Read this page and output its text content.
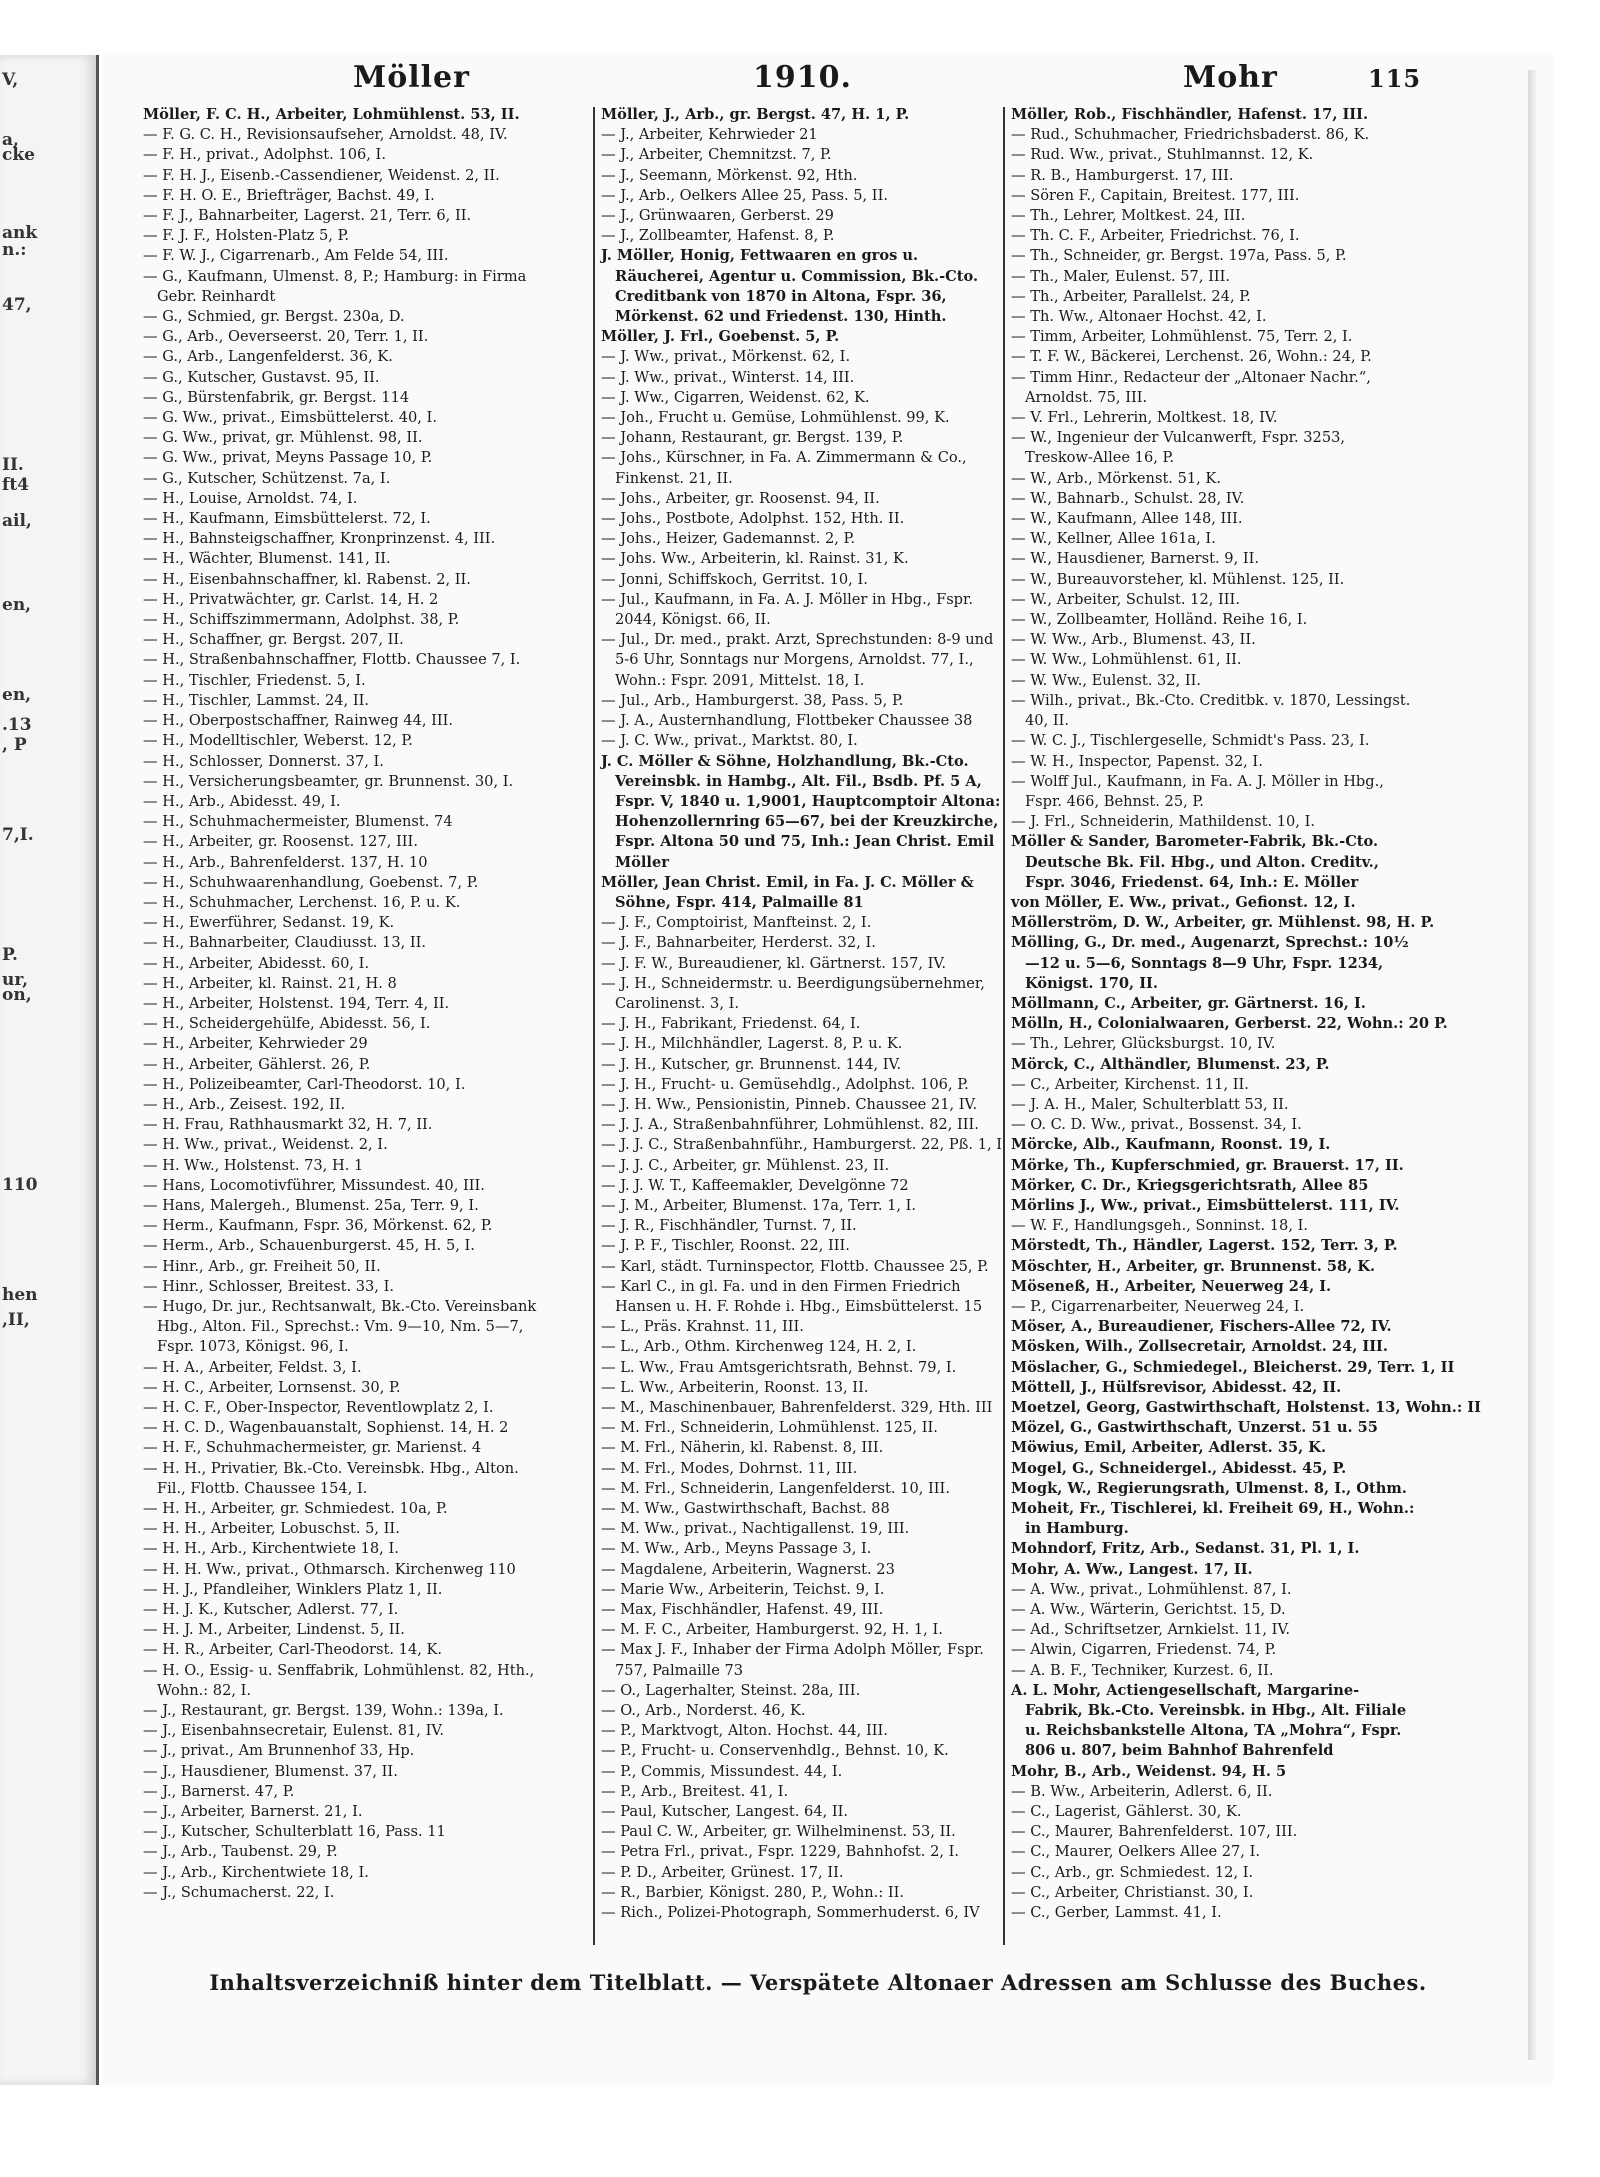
V,
a,
cke
ank
n.:
47,
II.
ft4
ail,
en,
en,
.13
, P
7,I.
P.
ur,
on,
110
hen
,II,
Möller	1910.	Mohr	115
Möller, F. C. H., Arbeiter, Lohmühlenst. 53, II.
— F. G. C. H., Revisionsaufseher, Arnoldst. 48, IV.
— F. H., privat., Adolphst. 106, I.
— F. H. J., Eisenb.-Cassendiener, Weidenst. 2, II.
— F. H. O. E., Briefträger, Bachst. 49, I.
— F. J., Bahnarbeiter, Lagerst. 21, Terr. 6, II.
— F. J. F., Holsten-Platz 5, P.
— F. W. J., Cigarrenarb., Am Felde 54, III.
— G., Kaufmann, Ulmenst. 8, P.; Hamburg: in Firma Gebr. Reinhardt
— G., Schmied, gr. Bergst. 230a, D.
— G., Arb., Oeverseerst. 20, Terr. 1, II.
— G., Arb., Langenfelderst. 36, K.
— G., Kutscher, Gustavst. 95, II.
— G., Bürstenfabrik, gr. Bergst. 114
— G. Ww., privat., Eimsbüttelerst. 40, I.
— G. Ww., privat, gr. Mühlenst. 98, II.
— G. Ww., privat, Meyns Passage 10, P.
— G., Kutscher, Schützenst. 7a, I.
— H., Louise, Arnoldst. 74, I.
— H., Kaufmann, Eimsbüttelerst. 72, I.
— H., Bahnsteigschaffner, Kronprinzenst. 4, III.
— H., Wächter, Blumenst. 141, II.
— H., Eisenbahnschaffner, kl. Rabenst. 2, II.
— H., Privatwächter, gr. Carlst. 14, H. 2
— H., Schiffszimmermann, Adolphst. 38, P.
— H., Schaffner, gr. Bergst. 207, II.
— H., Straßenbahnschaffner, Flottb. Chaussee 7, I.
— H., Tischler, Friedenst. 5, I.
— H., Tischler, Lammst. 24, II.
— H., Oberpostschaffner, Rainweg 44, III.
— H., Modelltischler, Weberst. 12, P.
— H., Schlosser, Donnerst. 37, I.
— H., Versicherungsbeamter, gr. Brunnenst. 30, I.
— H., Arb., Abidesst. 49, I.
— H., Schuhmachermeister, Blumenst. 74
— H., Arbeiter, gr. Roosenst. 127, III.
— H., Arb., Bahrenfelderst. 137, H. 10
— H., Schuhwaarenhandlung, Goebenst. 7, P.
— H., Schuhmacher, Lerchenst. 16, P. u. K.
— H., Ewerführer, Sedanst. 19, K.
— H., Bahnarbeiter, Claudiusst. 13, II.
— H., Arbeiter, Abidesst. 60, I.
— H., Arbeiter, kl. Rainst. 21, H. 8
— H., Arbeiter, Holstenst. 194, Terr. 4, II.
— H., Scheidergehülfe, Abidesst. 56, I.
— H., Arbeiter, Kehrwieder 29
— H., Arbeiter, Gählerst. 26, P.
— H., Polizeibeamter, Carl-Theodorst. 10, I.
— H., Arb., Zeisest. 192, II.
— H. Frau, Rathhausmarkt 32, H. 7, II.
— H. Ww., privat., Weidenst. 2, I.
— H. Ww., Holstenst. 73, H. 1
— Hans, Locomotivführer, Missundest. 40, III.
— Hans, Malergeh., Blumenst. 25a, Terr. 9, I.
— Herm., Kaufmann, Fspr. 36, Mörkenst. 62, P.
— Herm., Arb., Schauenburgerst. 45, H. 5, I.
— Hinr., Arb., gr. Freiheit 50, II.
— Hinr., Schlosser, Breitest. 33, I.
— Hugo, Dr. jur., Rechtsanwalt, Bk.-Cto. Vereinsbank Hbg., Alton. Fil., Sprechst.: Vm. 9—10, Nm. 5—7, Fspr. 1073, Königst. 96, I.
— H. A., Arbeiter, Feldst. 3, I.
— H. C., Arbeiter, Lornsenst. 30, P.
— H. C. F., Ober-Inspector, Reventlowplatz 2, I.
— H. C. D., Wagenbauanstalt, Sophienst. 14, H. 2
— H. F., Schuhmachermeister, gr. Marienst. 4
— H. H., Privatier, Bk.-Cto. Vereinsbk. Hbg., Alton. Fil., Flottb. Chaussee 154, I.
— H. H., Arbeiter, gr. Schmiedest. 10a, P.
— H. H., Arbeiter, Lobuschst. 5, II.
— H. H., Arb., Kirchentwiete 18, I.
— H. H. Ww., privat., Othmarsch. Kirchenweg 110
— H. J., Pfandleiher, Winklers Platz 1, II.
— H. J. K., Kutscher, Adlerst. 77, I.
— H. J. M., Arbeiter, Lindenst. 5, II.
— H. R., Arbeiter, Carl-Theodorst. 14, K.
— H. O., Essig- u. Senffabrik, Lohmühlenst. 82, Hth., Wohn.: 82, I.
— J., Restaurant, gr. Bergst. 139, Wohn.: 139a, I.
— J., Eisenbahnsecretair, Eulenst. 81, IV.
— J., privat., Am Brunnenhof 33, Hp.
— J., Hausdiener, Blumenst. 37, II.
— J., Barnerst. 47, P.
— J., Arbeiter, Barnerst. 21, I.
— J., Kutscher, Schulterblatt 16, Pass. 11
— J., Arb., Taubenst. 29, P.
— J., Arb., Kirchentwiete 18, I.
— J., Schumacherst. 22, I.
Möller, J., Arb., gr. Bergst. 47, H. 1, P.
— J., Arbeiter, Kehrwieder 21
— J., Arbeiter, Chemnitzst. 7, P.
— J., Seemann, Mörkenst. 92, Hth.
— J., Arb., Oelkers Allee 25, Pass. 5, II.
— J., Grünwaaren, Gerberst. 29
— J., Zollbeamter, Hafenst. 8, P.
J. Möller, Honig, Fettwaaren en gros u. Räucherei, Agentur u. Commission, Bk.-Cto. Creditbank von 1870 in Altona, Fspr. 36, Mörkenst. 62 und Friedenst. 130, Hinth.
Möller, J. Frl., Goebenst. 5, P.
— J. Ww., privat., Mörkenst. 62, I.
— J. Ww., privat., Winterst. 14, III.
— J. Ww., Cigarren, Weidenst. 62, K.
— Joh., Frucht u. Gemüse, Lohmühlenst. 99, K.
— Johann, Restaurant, gr. Bergst. 139, P.
— Johs., Kürschner, in Fa. A. Zimmermann & Co., Finkenst. 21, II.
— Johs., Arbeiter, gr. Roosenst. 94, II.
— Johs., Postbote, Adolphst. 152, Hth. II.
— Johs., Heizer, Gademannst. 2, P.
— Johs. Ww., Arbeiterin, kl. Rainst. 31, K.
— Jonni, Schiffskoch, Gerritst. 10, I.
— Jul., Kaufmann, in Fa. A. J. Möller in Hbg., Fspr. 2044, Königst. 66, II.
— Jul., Dr. med., prakt. Arzt, Sprechstunden: 8-9 und 5-6 Uhr, Sonntags nur Morgens, Arnoldst. 77, I., Wohn.: Fspr. 2091, Mittelst. 18, I.
— Jul., Arb., Hamburgerst. 38, Pass. 5, P.
— J. A., Austernhandlung, Flottbeker Chaussee 38
— J. C. Ww., privat., Marktst. 80, I.
J. C. Möller & Söhne, Holzhandlung, Bk.-Cto. Vereinsbk. in Hambg., Alt. Fil., Bsdb. Pf. 5 A, Fspr. V, 1840 u. 1,9001, Hauptcomptoir Altona: Hohenzollernring 65—67, bei der Kreuzkirche, Fspr. Altona 50 und 75, Inh.: Jean Christ. Emil Möller
Möller, Jean Christ. Emil, in Fa. J. C. Möller & Söhne, Fspr. 414, Palmaille 81
— J. F., Comptoirist, Manfteinst. 2, I.
— J. F., Bahnarbeiter, Herderst. 32, I.
— J. F. W., Bureaudiener, kl. Gärtnerst. 157, IV.
— J. H., Schneidermstr. u. Beerdigungsübernehmer, Carolinenst. 3, I.
— J. H., Fabrikant, Friedenst. 64, I.
— J. H., Milchhändler, Lagerst. 8, P. u. K.
— J. H., Kutscher, gr. Brunnenst. 144, IV.
— J. H., Frucht- u. Gemüsehdlg., Adolphst. 106, P.
— J. H. Ww., Pensionistin, Pinneb. Chaussee 21, IV.
— J. J. A., Straßenbahnführer, Lohmühlenst. 82, III.
— J. J. C., Straßenbahnführ., Hamburgerst. 22, Pß. 1, I
— J. J. C., Arbeiter, gr. Mühlenst. 23, II.
— J. J. W. T., Kaffeemakler, Develgönne 72
— J. M., Arbeiter, Blumenst. 17a, Terr. 1, I.
— J. R., Fischhändler, Turnst. 7, II.
— J. P. F., Tischler, Roonst. 22, III.
— Karl, städt. Turninspector, Flottb. Chaussee 25, P.
— Karl C., in gl. Fa. und in den Firmen Friedrich Hansen u. H. F. Rohde i. Hbg., Eimsbüttelerst. 15
— L., Präs. Krahnst. 11, III.
— L., Arb., Othm. Kirchenweg 124, H. 2, I.
— L. Ww., Frau Amtsgerichtsrath, Behnst. 79, I.
— L. Ww., Arbeiterin, Roonst. 13, II.
— M., Maschinenbauer, Bahrenfelderst. 329, Hth. III
— M. Frl., Schneiderin, Lohmühlenst. 125, II.
— M. Frl., Näherin, kl. Rabenst. 8, III.
— M. Frl., Modes, Dohrnst. 11, III.
— M. Frl., Schneiderin, Langenfelderst. 10, III.
— M. Ww., Gastwirthschaft, Bachst. 88
— M. Ww., privat., Nachtigallenst. 19, III.
— M. Ww., Arb., Meyns Passage 3, I.
— Magdalene, Arbeiterin, Wagnerst. 23
— Marie Ww., Arbeiterin, Teichst. 9, I.
— Max, Fischhändler, Hafenst. 49, III.
— M. F. C., Arbeiter, Hamburgerst. 92, H. 1, I.
— Max J. F., Inhaber der Firma Adolph Möller, Fspr. 757, Palmaille 73
— O., Lagerhalter, Steinst. 28a, III.
— O., Arb., Norderst. 46, K.
— P., Marktvogt, Alton. Hochst. 44, III.
— P., Frucht- u. Conservenhdlg., Behnst. 10, K.
— P., Commis, Missundest. 44, I.
— P., Arb., Breitest. 41, I.
— Paul, Kutscher, Langest. 64, II.
— Paul C. W., Arbeiter, gr. Wilhelminenst. 53, II.
— Petra Frl., privat., Fspr. 1229, Bahnhofst. 2, I.
— P. D., Arbeiter, Grünest. 17, II.
— R., Barbier, Königst. 280, P., Wohn.: II.
— Rich., Polizei-Photograph, Sommerhuderst. 6, IV
Möller, Rob., Fischhändler, Hafenst. 17, III.
— Rud., Schuhmacher, Friedrichsbaderst. 86, K.
— Rud. Ww., privat., Stuhlmannst. 12, K.
— R. B., Hamburgerst. 17, III.
— Sören F., Capitain, Breitest. 177, III.
— Th., Lehrer, Moltkest. 24, III.
— Th. C. F., Arbeiter, Friedrichst. 76, I.
— Th., Schneider, gr. Bergst. 197a, Pass. 5, P.
— Th., Maler, Eulenst. 57, III.
— Th., Arbeiter, Parallelst. 24, P.
— Th. Ww., Altonaer Hochst. 42, I.
— Timm, Arbeiter, Lohmühlenst. 75, Terr. 2, I.
— T. F. W., Bäckerei, Lerchenst. 26, Wohn.: 24, P.
— Timm Hinr., Redacteur der „Altonaer Nachr.“, Arnoldst. 75, III.
— V. Frl., Lehrerin, Moltkest. 18, IV.
— W., Ingenieur der Vulcanwerft, Fspr. 3253, Treskow-Allee 16, P.
— W., Arb., Mörkenst. 51, K.
— W., Bahnarb., Schulst. 28, IV.
— W., Kaufmann, Allee 148, III.
— W., Kellner, Allee 161a, I.
— W., Hausdiener, Barnerst. 9, II.
— W., Bureauvorsteher, kl. Mühlenst. 125, II.
— W., Arbeiter, Schulst. 12, III.
— W., Zollbeamter, Holländ. Reihe 16, I.
— W. Ww., Arb., Blumenst. 43, II.
— W. Ww., Lohmühlenst. 61, II.
— W. Ww., Eulenst. 32, II.
— Wilh., privat., Bk.-Cto. Creditbk. v. 1870, Lessingst. 40, II.
— W. C. J., Tischlergeselle, Schmidt's Pass. 23, I.
— W. H., Inspector, Papenst. 32, I.
— Wolff Jul., Kaufmann, in Fa. A. J. Möller in Hbg., Fspr. 466, Behnst. 25, P.
— J. Frl., Schneiderin, Mathildenst. 10, I.
Möller & Sander, Barometer-Fabrik, Bk.-Cto. Deutsche Bk. Fil. Hbg., und Alton. Creditv., Fspr. 3046, Friedenst. 64, Inh.: E. Möller
von Möller, E. Ww., privat., Gefionst. 12, I.
Möllerström, D. W., Arbeiter, gr. Mühlenst. 98, H. P.
Mölling, G., Dr. med., Augenarzt, Sprechst.: 10½—12 u. 5—6, Sonntags 8—9 Uhr, Fspr. 1234, Königst. 170, II.
Möllmann, C., Arbeiter, gr. Gärtnerst. 16, I.
Mölln, H., Colonialwaaren, Gerberst. 22, Wohn.: 20 P.
— Th., Lehrer, Glücksburgst. 10, IV.
Mörck, C., Althändler, Blumenst. 23, P.
— C., Arbeiter, Kirchenst. 11, II.
— J. A. H., Maler, Schulterblatt 53, II.
— O. C. D. Ww., privat., Bossenst. 34, I.
Mörcke, Alb., Kaufmann, Roonst. 19, I.
Mörke, Th., Kupferschmied, gr. Brauerst. 17, II.
Mörker, C. Dr., Kriegsgerichtsrath, Allee 85
Mörlins J., Ww., privat., Eimsbüttelerst. 111, IV.
— W. F., Handlungsgeh., Sonninst. 18, I.
Mörstedt, Th., Händler, Lagerst. 152, Terr. 3, P.
Möschter, H., Arbeiter, gr. Brunnenst. 58, K.
Möseneß, H., Arbeiter, Neuerweg 24, I.
— P., Cigarrenarbeiter, Neuerweg 24, I.
Möser, A., Bureaudiener, Fischers-Allee 72, IV.
Mösken, Wilh., Zollsecretair, Arnoldst. 24, III.
Möslacher, G., Schmiedegel., Bleicherst. 29, Terr. 1, II
Möttell, J., Hülfsrevisor, Abidesst. 42, II.
Moetzel, Georg, Gastwirthschaft, Holstenst. 13, Wohn.: II
Mözel, G., Gastwirthschaft, Unzerst. 51 u. 55
Möwius, Emil, Arbeiter, Adlerst. 35, K.
Mogel, G., Schneidergel., Abidesst. 45, P.
Mogk, W., Regierungsrath, Ulmenst. 8, I., Othm.
Moheit, Fr., Tischlerei, kl. Freiheit 69, H., Wohn.: in Hamburg.
Mohndorf, Fritz, Arb., Sedanst. 31, Pl. 1, I.
Mohr, A. Ww., Langest. 17, II.
— A. Ww., privat., Lohmühlenst. 87, I.
— A. Ww., Wärterin, Gerichtst. 15, D.
— Ad., Schriftsetzer, Arnkielst. 11, IV.
— Alwin, Cigarren, Friedenst. 74, P.
— A. B. F., Techniker, Kurzest. 6, II.
A. L. Mohr, Actiengesellschaft, Margarine-Fabrik, Bk.-Cto. Vereinsbk. in Hbg., Alt. Filiale u. Reichsbankstelle Altona, TA „Mohra“, Fspr. 806 u. 807, beim Bahnhof Bahrenfeld
Mohr, B., Arb., Weidenst. 94, H. 5
— B. Ww., Arbeiterin, Adlerst. 6, II.
— C., Lagerist, Gählerst. 30, K.
— C., Maurer, Bahrenfelderst. 107, III.
— C., Maurer, Oelkers Allee 27, I.
— C., Arb., gr. Schmiedest. 12, I.
— C., Arbeiter, Christianst. 30, I.
— C., Gerber, Lammst. 41, I.
Inhaltsverzeichniß hinter dem Titelblatt. — Verspätete Altonaer Adressen am Schlusse des Buches.
